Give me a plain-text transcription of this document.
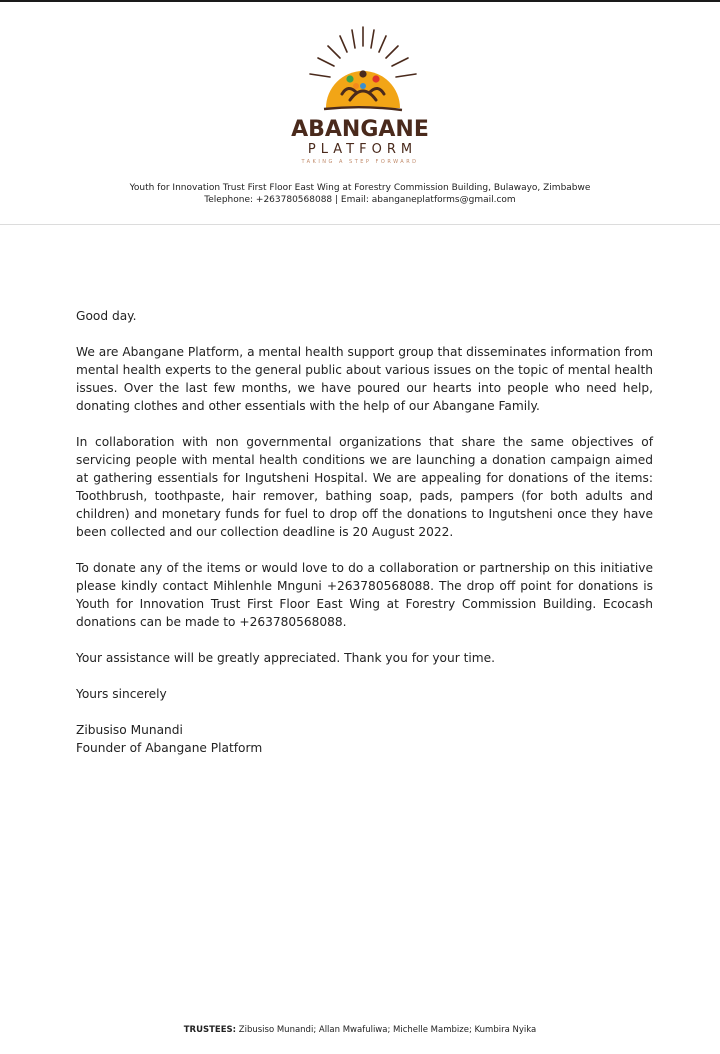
ABANGANE
PLATFORM
TAKING A STEP FORWARD
Youth for Innovation Trust First Floor East Wing at Forestry Commission Building, Bulawayo, Zimbabwe
Telephone: +263780568088 | Email: abanganeplatforms@gmail.com

Good day.

We are Abangane Platform, a mental health support group that disseminates information from mental health experts to the general public about various issues on the topic of mental health issues. Over the last few months, we have poured our hearts into people who need help, donating clothes and other essentials with the help of our Abangane Family.

In collaboration with non governmental organizations that share the same objectives of servicing people with mental health conditions we are launching a donation campaign aimed at gathering essentials for Ingutsheni Hospital. We are appealing for donations of the items: Toothbrush, toothpaste, hair remover, bathing soap, pads, pampers (for both adults and children) and monetary funds for fuel to drop off the donations to Ingutsheni once they have been collected and our collection deadline is 20 August 2022.

To donate any of the items or would love to do a collaboration or partnership on this initiative please kindly contact Mihlenhle Mnguni +263780568088. The drop off point for donations is Youth for Innovation Trust First Floor East Wing at Forestry Commission Building. Ecocash donations can be made to +263780568088.

Your assistance will be greatly appreciated. Thank you for your time.

Yours sincerely

Zibusiso Munandi

Founder of Abangane Platform

TRUSTEES: Zibusiso Munandi; Allan Mwafuliwa; Michelle Mambize; Kumbira Nyika
